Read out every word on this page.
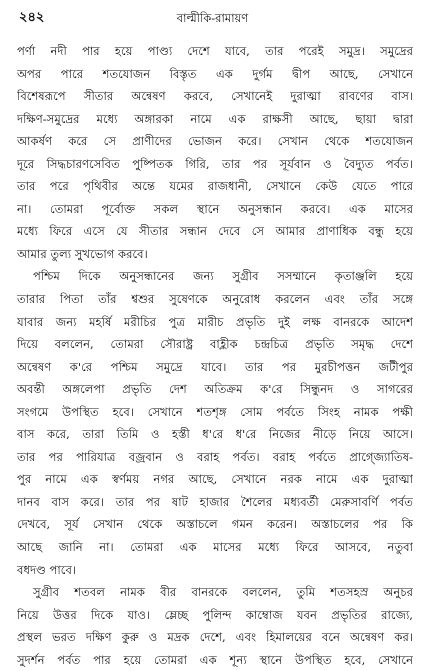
২৪২	বাল্মীকি-রামায়ণ
পর্ণা নদী পার হয়ে পাণ্ড্য দেশে যাবে, তার পরেই সমুদ্র। সমুদ্রের
অপর পারে শতযোজন বিস্তৃত এক দুর্গম দ্বীপ আছে, সেখানে
বিশেষরূপে সীতার অন্বেষণ করবে, সেখানেই দুরাত্মা রাবণের বাস।
দক্ষিণ-সমুদ্রের মধ্যে অঙ্গারকা নামে এক রাক্ষসী আছে, ছায়া দ্বারা
আকর্ষণ করে সে প্রাণীদের ভোজন করে। সেখান থেকে শতযোজন
দূরে সিদ্ধচারণসেবিত পুষ্পিতক গিরি, তার পর সূর্যবান ও বৈদ্যুত পর্বত।
তার পরে পৃথিবীর অন্তে যমের রাজধানী, সেখানে কেউ যেতে পারে
না। তোমরা পূর্বোক্ত সকল স্থানে অনুসন্ধান করবে। এক মাসের
মধ্যে ফিরে এসে যে সীতার সন্ধান দেবে সে আমার প্রাণাধিক বন্ধু হয়ে
আমার তুল্য সুখভোগ করবে।
পশ্চিম দিকে অনুসন্ধানের জন্য সুগ্রীব সসম্মানে কৃতাঞ্জলি হয়ে
তারার পিতা তাঁর শ্বশুর সুষেণকে অনুরোধ করলেন এবং তাঁর সঙ্গে
যাবার জন্য মহর্ষি মরীচির পুত্র মারীচ প্রভৃতি দুই লক্ষ বানরকে আদেশ
দিয়ে বললেন, তোমরা সৌরাষ্ট্র বাহ্লীক চন্দ্রচিত্র প্রভৃতি সমৃদ্ধ দেশে
অন্বেষণ ক'রে পশ্চিম সমুদ্রে যাবে। তার পর মুরচীপত্তন জটীপুর
অবন্তী অঙ্গলেপা প্রভৃতি দেশ অতিক্রম ক'রে সিন্ধুনদ ও সাগরের
সংগমে উপস্থিত হবে। সেখানে শতশৃঙ্গ সোম পর্বতে সিংহ নামক পক্ষী
বাস করে, তারা তিমি ও হস্তী ধ'রে ধ'রে নিজের নীড়ে নিয়ে আসে।
তার পর পারিযাত্র বজ্রবান ও বরাহ পর্বত। বরাহ পর্বতে প্রাগ্জ্যোতিষ-
পুর নামে এক স্বর্ণময় নগর আছে, সেখানে নরক নামে এক দুরাত্মা
দানব বাস করে। তার পর ষাট হাজার শৈলের মধ্যবর্তী মেরুসাবর্ণি পর্বত
দেখবে, সূর্য সেখান থেকে অস্তাচলে গমন করেন। অস্তাচলের পর কি
আছে জানি না। তোমরা এক মাসের মধ্যে ফিরে আসবে, নতুবা
বধদণ্ড পাবে।
সুগ্রীব শতবল নামক বীর বানরকে বললেন, তুমি শতসহস্র অনুচর
নিয়ে উত্তর দিকে যাও। ম্লেচ্ছ পুলিন্দ কাম্বোজ যবন প্রভৃতির রাজ্যে,
প্রস্থল ভরত দক্ষিণ কুরু ও মদ্রক দেশে, এবং হিমালয়ের বনে অন্বেষণ কর।
সুদর্শন পর্বত পার হয়ে তোমরা এক শূন্য স্থানে উপস্থিত হবে, সেখানে
